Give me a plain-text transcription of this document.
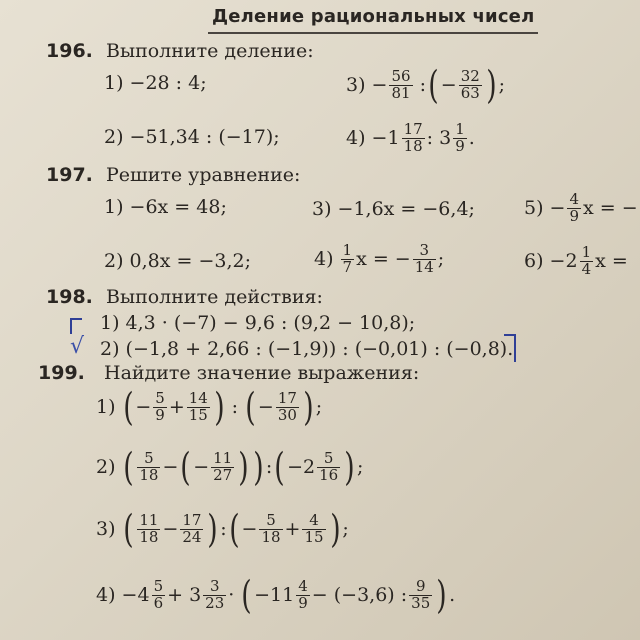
Деление рациональных чисел
196. Выполните деление:
1) −28 : 4;	$3) - \frac{56}{81}$ : ( − $\frac{32}{63}$ ) ;
2) −51,34 : (−17);	$4) -1 \frac{17}{18}$ : $3 \frac{1}{9}$ .
197. Решите уравнение:
1) −6x = 48;	3) −1,6x = −6,4;	$5) - \frac{4}{9}$ x = −
2) 0,8x = −3,2;	$4) \frac{1}{7}$ x = − $\frac{3}{14}$ ;	$6) -2 \frac{1}{4}$ x =
198. Выполните действия:
1) 4,3 · (−7) − 9,6 : (9,2 − 10,8);
√ 2) (−1,8 + 2,66 : (−1,9)) : (−0,01) : (−0,8).
199. Найдите значение выражения:
1) ( − $\frac{5}{9} + \frac{14}{15}$ ) : ( − $\frac{17}{30}$ ) ;
2) ( $\frac{5}{18}$ − ( − $\frac{11}{27}$ ) ) : ( $-2 \frac{5}{16}$ ) ;
3) ( $\frac{11}{18} - \frac{17}{24}$ ) : ( − $\frac{5}{18} + \frac{4}{15}$ ) ;
$4) -4 \frac{5}{6} + 3 \frac{3}{23}$ · ( $-11 \frac{4}{9} - (-3,6)$ : $\frac{9}{35}$ ) .
